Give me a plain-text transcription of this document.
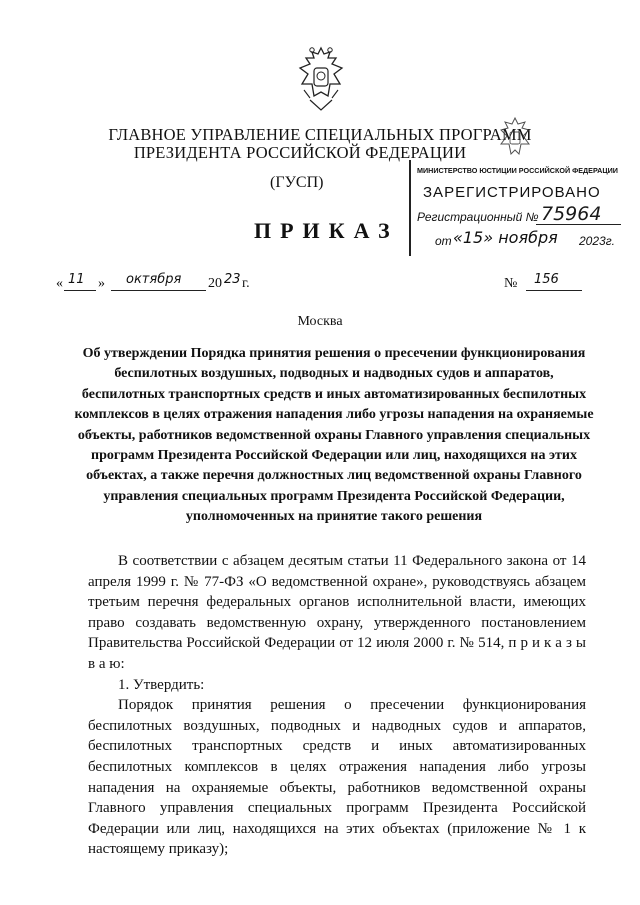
ГЛАВНОЕ УПРАВЛЕНИЕ СПЕЦИАЛЬНЫХ ПРОГРАММ
ПРЕЗИДЕНТА РОССИЙСКОЙ ФЕДЕРАЦИИ
(ГУСП)
ПРИКАЗ
МИНИСТЕРСТВО ЮСТИЦИИ РОССИЙСКОЙ ФЕДЕРАЦИИ
ЗАРЕГИСТРИРОВАНО
Регистрационный № 75964
от «15» ноября 2023г.
« 11 » октября 20 23 г.	№ 156
Москва
Об утверждении Порядка принятия решения о пресечении функционирования беспилотных воздушных, подводных и надводных судов и аппаратов, беспилотных транспортных средств и иных автоматизированных беспилотных комплексов в целях отражения нападения либо угрозы нападения на охраняемые объекты, работников ведомственной охраны Главного управления специальных программ Президента Российской Федерации или лиц, находящихся на этих объектах, а также перечня должностных лиц ведомственной охраны Главного управления специальных программ Президента Российской Федерации, уполномоченных на принятие такого решения

В соответствии с абзацем десятым статьи 11 Федерального закона от 14 апреля 1999 г. № 77-ФЗ «О ведомственной охране», руководствуясь абзацем третьим перечня федеральных органов исполнительной власти, имеющих право создавать ведомственную охрану, утвержденного постановлением Правительства Российской Федерации от 12 июля 2000 г. № 514, п р и к а з ы в а ю:

1. Утвердить:

Порядок принятия решения о пресечении функционирования беспилотных воздушных, подводных и надводных судов и аппаратов, беспилотных транспортных средств и иных автоматизированных беспилотных комплексов в целях отражения нападения либо угрозы нападения на охраняемые объекты, работников ведомственной охраны Главного управления специальных программ Президента Российской Федерации или лиц, находящихся на этих объектах (приложение № 1 к настоящему приказу);
